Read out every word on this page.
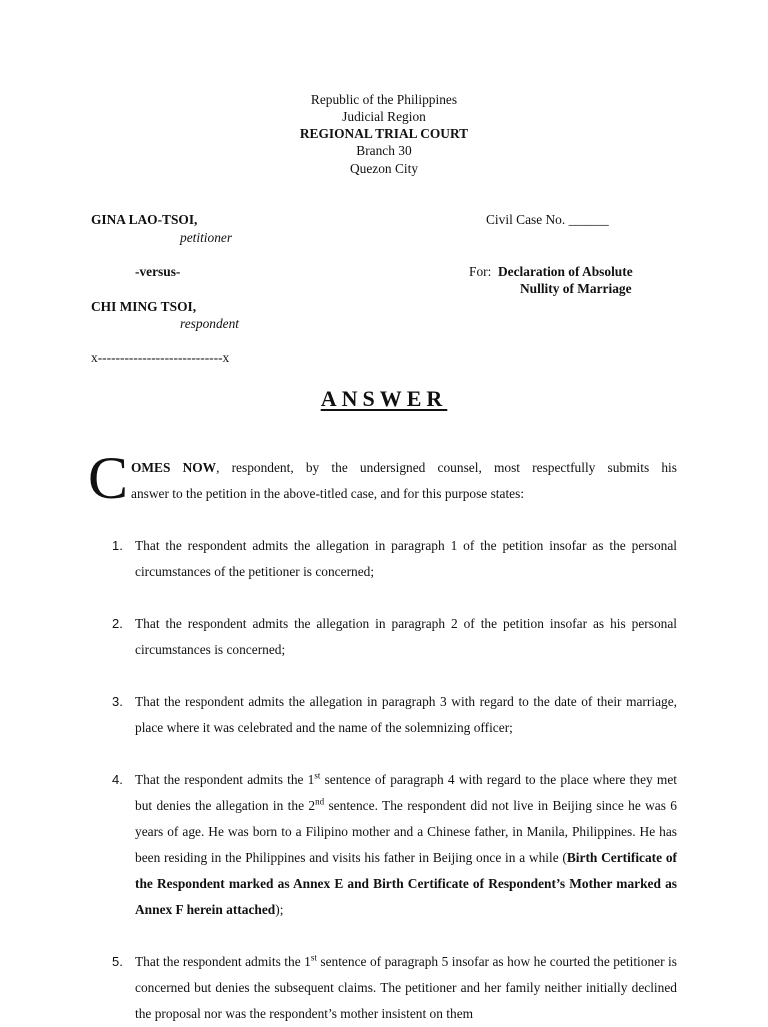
Republic of the Philippines
Judicial Region
REGIONAL TRIAL COURT
Branch 30
Quezon City
GINA LAO-TSOI,
petitioner
-versus-
CHI MING TSOI,
respondent
x----------------------------x
Civil Case No. ______
For: Declaration of Absolute
Nullity of Marriage
ANSWER
C OMES NOW, respondent, by the undersigned counsel, most respectfully submits his
answer to the petition in the above-titled case, and for this purpose states:
1. That the respondent admits the allegation in paragraph 1 of the petition insofar as the personal circumstances of the petitioner is concerned;
2. That the respondent admits the allegation in paragraph 2 of the petition insofar as his personal circumstances is concerned;
3. That the respondent admits the allegation in paragraph 3 with regard to the date of their marriage, place where it was celebrated and the name of the solemnizing officer;
4. That the respondent admits the 1st sentence of paragraph 4 with regard to the place where they met but denies the allegation in the 2nd sentence. The respondent did not live in Beijing since he was 6 years of age. He was born to a Filipino mother and a Chinese father, in Manila, Philippines. He has been residing in the Philippines and visits his father in Beijing once in a while (Birth Certificate of the Respondent marked as Annex E and Birth Certificate of Respondent’s Mother marked as Annex F herein attached);
5. That the respondent admits the 1st sentence of paragraph 5 insofar as how he courted the petitioner is concerned but denies the subsequent claims. The petitioner and her family neither initially declined the proposal nor was the respondent’s mother insistent on them
